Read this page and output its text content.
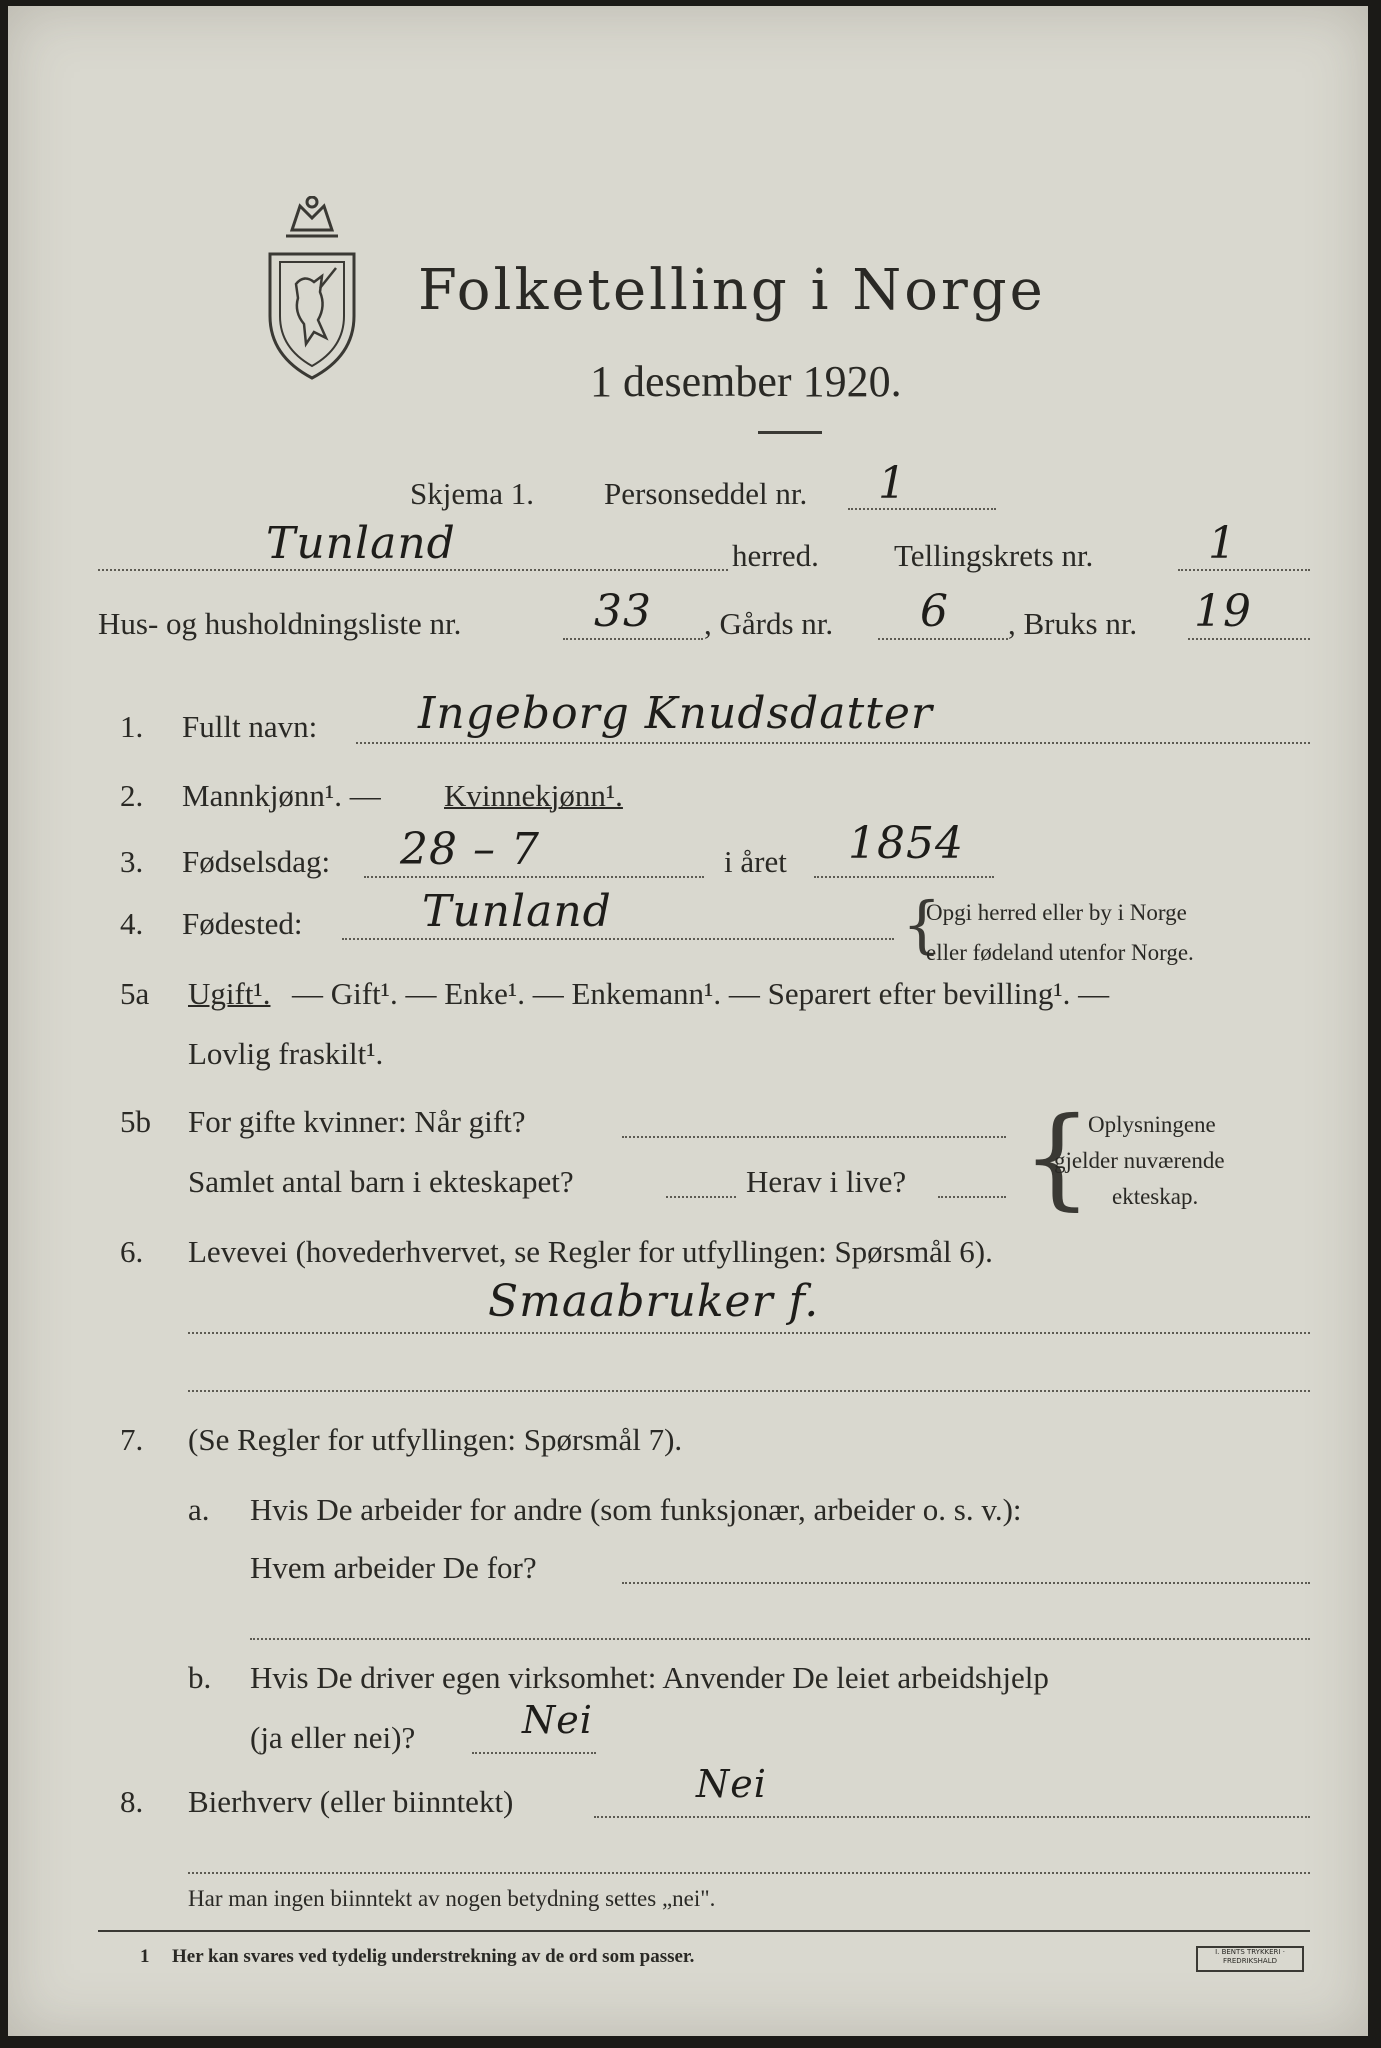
Folketelling i Norge
1 desember 1920.
Skjema 1. Personseddel nr. 1
Tunland	herred. Tellingskrets nr.	1
Hus- og husholdningsliste nr.	33 , Gårds nr. 6 , Bruks nr. 19
1. Fullt navn: Ingeborg Knudsdatter
2. Mannkjønn¹. — Kvinnekjønn¹.
3. Fødselsdag: 28 – 7	i året 1854
4. Fødested:	Tunland	{
Opgi herred eller by i Norge
eller fødeland utenfor Norge.
5a Ugift¹. — Gift¹. — Enke¹. — Enkemann¹. — Separert efter bevilling¹. —
Lovlig fraskilt¹.
5b For gifte kvinner: Når gift?
Samlet antal barn i ekteskapet?	Herav i live? {
Oplysningene
gjelder nuværende
ekteskap.
6. Levevei (hovederhvervet, se Regler for utfyllingen: Spørsmål 6).
Smaabruker f.
7. (Se Regler for utfyllingen: Spørsmål 7).
a. Hvis De arbeider for andre (som funksjonær, arbeider o. s. v.):
Hvem arbeider De for?
b. Hvis De driver egen virksomhet: Anvender De leiet arbeidshjelp
(ja eller nei)?	Nei
8. Bierhverv (eller biinntekt)	Nei
Har man ingen biinntekt av nogen betydning settes „nei".
1 Her kan svares ved tydelig understrekning av de ord som passer.	I. BENTS TRYKKERI · FREDRIKSHALD
